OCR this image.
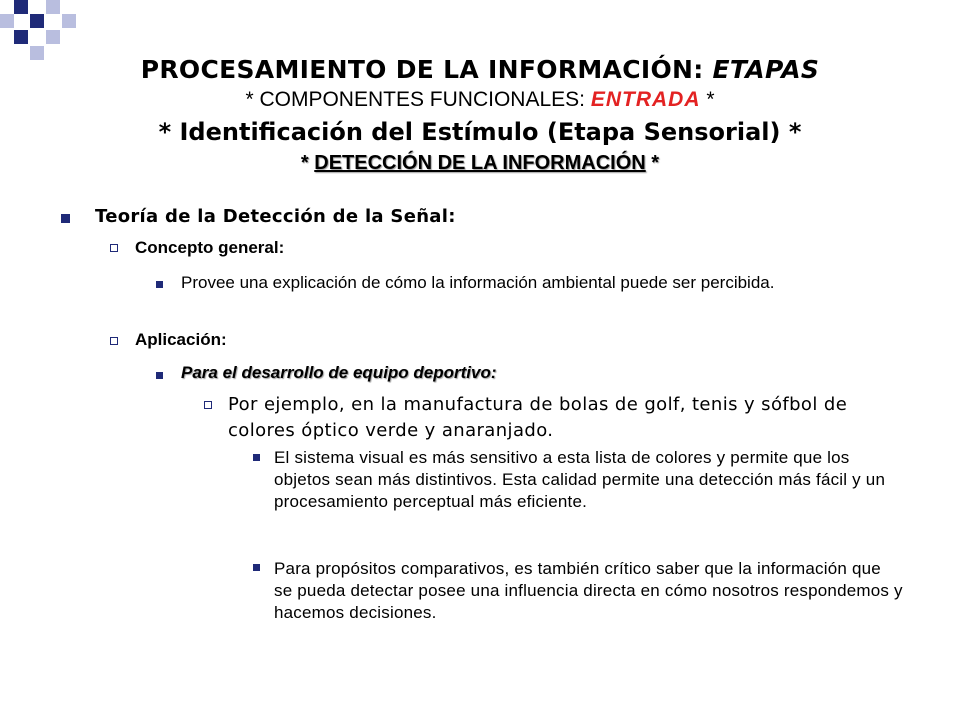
PROCESAMIENTO DE LA INFORMACIÓN: ETAPAS
* COMPONENTES FUNCIONALES: ENTRADA *
* Identificación del Estímulo (Etapa Sensorial) *
* DETECCIÓN DE LA INFORMACIÓN *
Teoría de la Detección de la Señal:
Concepto general:
Provee una explicación de cómo la información ambiental puede ser percibida.
Aplicación:
Para el desarrollo de equipo deportivo:
Por ejemplo, en la manufactura de bolas de golf, tenis y sófbol de colores óptico verde y anaranjado.
El sistema visual es más sensitivo a esta lista de colores y permite que los objetos sean más distintivos. Esta calidad permite una detección más fácil y un procesamiento perceptual más eficiente.
Para propósitos comparativos, es también crítico saber que la información que se pueda detectar posee una influencia directa en cómo nosotros respondemos y hacemos decisiones.
